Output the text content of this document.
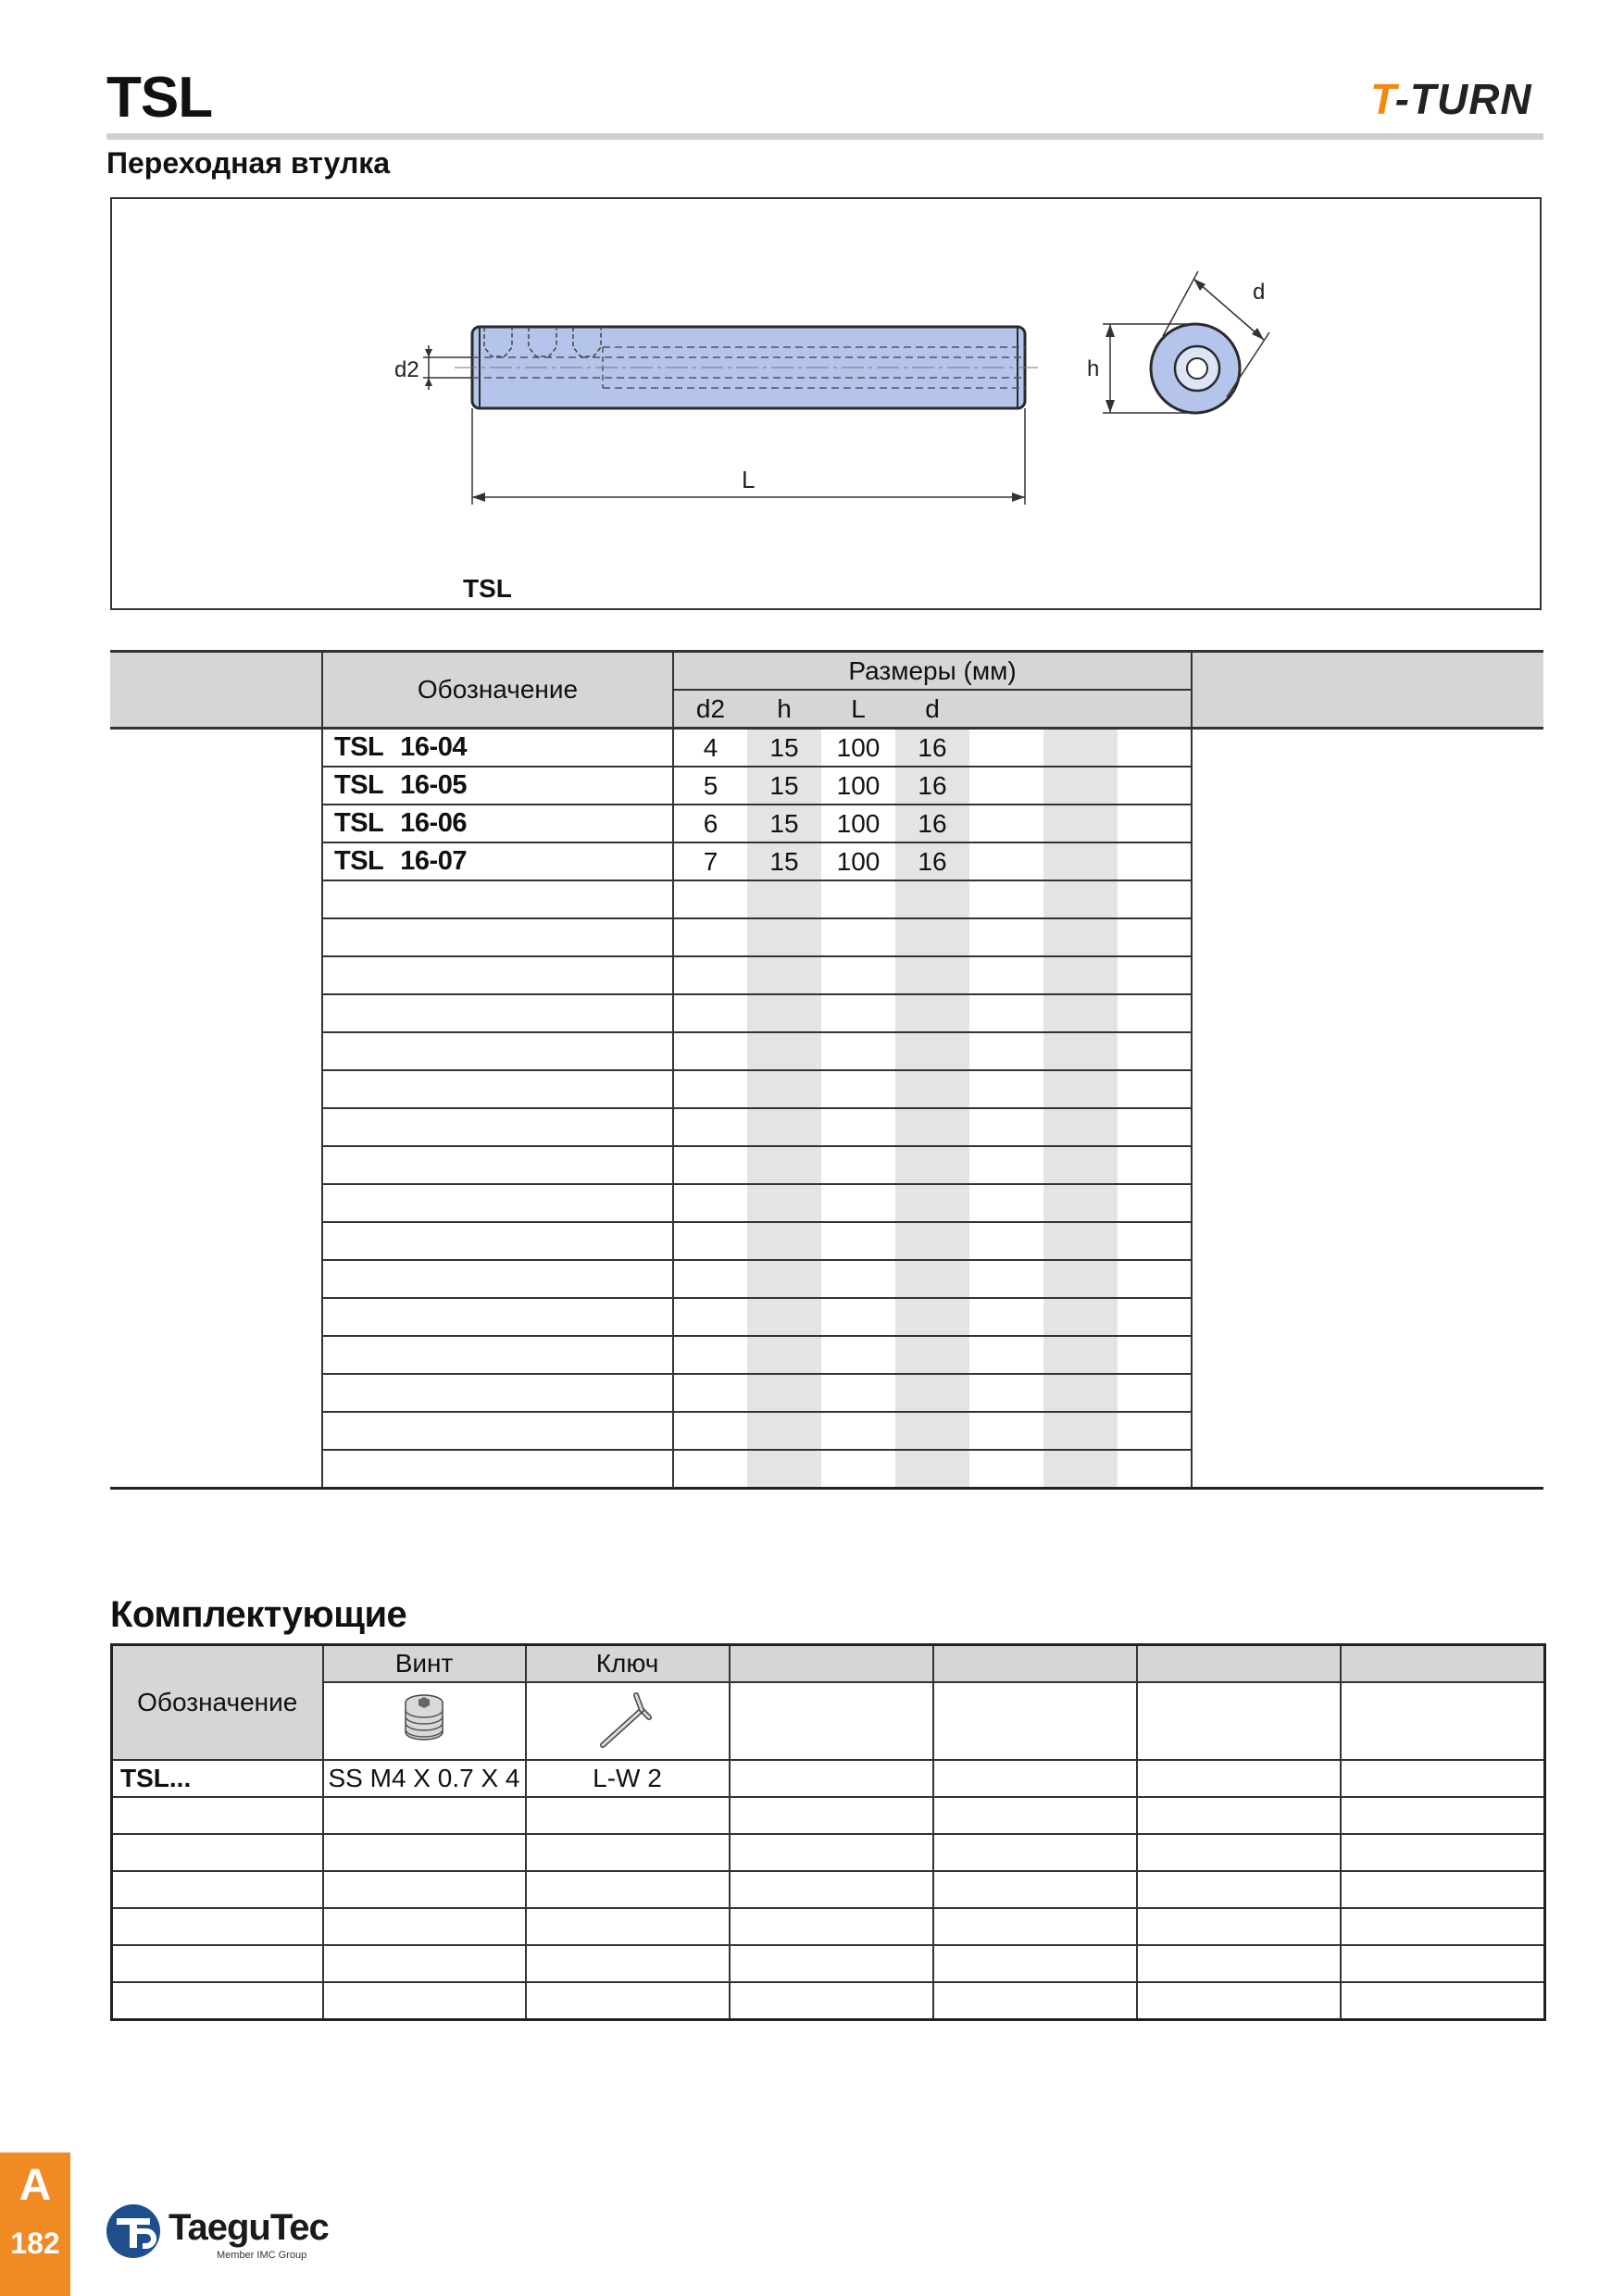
TSL	T-TURN
Переходная втулка
d2
L
h
d
TSL
	Обозначение	Размеры (мм)							
		d2	h	L	d				
	TSL 16-04	4	15	100	16				
	TSL 16-05	5	15	100	16				
	TSL 16-06	6	15	100	16				
	TSL 16-07	7	15	100	16				

Комплектующие
Обозначение	Винт	Ключ				

TSL...	SS M4 X 0.7 X 4	L-W 2				

A
182	TaeguTec
Member IMC Group
